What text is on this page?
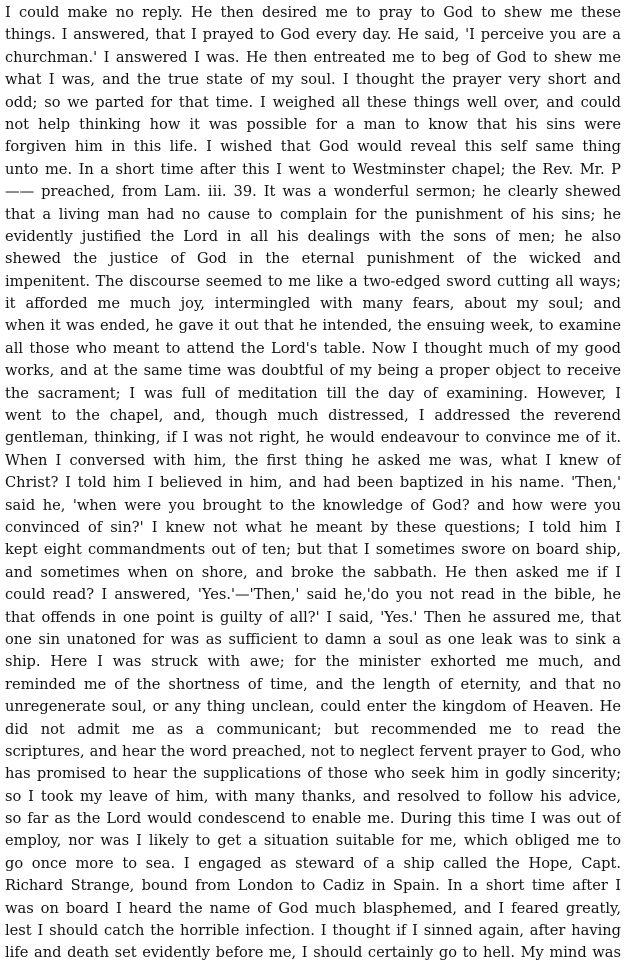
I could make no reply. He then desired me to pray to God to shew me these
things. I answered, that I prayed to God every day. He said, 'I perceive you are a
churchman.' I answered I was. He then entreated me to beg of God to shew me
what I was, and the true state of my soul. I thought the prayer very short and
odd; so we parted for that time. I weighed all these things well over, and could
not help thinking how it was possible for a man to know that his sins were
forgiven him in this life. I wished that God would reveal this self same thing
unto me. In a short time after this I went to Westminster chapel; the Rev. Mr. P
—— preached, from Lam. iii. 39. It was a wonderful sermon; he clearly shewed
that a living man had no cause to complain for the punishment of his sins; he
evidently justified the Lord in all his dealings with the sons of men; he also
shewed the justice of God in the eternal punishment of the wicked and
impenitent. The discourse seemed to me like a two-edged sword cutting all ways;
it afforded me much joy, intermingled with many fears, about my soul; and
when it was ended, he gave it out that he intended, the ensuing week, to examine
all those who meant to attend the Lord's table. Now I thought much of my good
works, and at the same time was doubtful of my being a proper object to receive
the sacrament; I was full of meditation till the day of examining. However, I
went to the chapel, and, though much distressed, I addressed the reverend
gentleman, thinking, if I was not right, he would endeavour to convince me of it.
When I conversed with him, the first thing he asked me was, what I knew of
Christ? I told him I believed in him, and had been baptized in his name. 'Then,'
said he, 'when were you brought to the knowledge of God? and how were you
convinced of sin?' I knew not what he meant by these questions; I told him I
kept eight commandments out of ten; but that I sometimes swore on board ship,
and sometimes when on shore, and broke the sabbath. He then asked me if I
could read? I answered, 'Yes.'—'Then,' said he,'do you not read in the bible, he
that offends in one point is guilty of all?' I said, 'Yes.' Then he assured me, that
one sin unatoned for was as sufficient to damn a soul as one leak was to sink a
ship. Here I was struck with awe; for the minister exhorted me much, and
reminded me of the shortness of time, and the length of eternity, and that no
unregenerate soul, or any thing unclean, could enter the kingdom of Heaven. He
did not admit me as a communicant; but recommended me to read the
scriptures, and hear the word preached, not to neglect fervent prayer to God, who
has promised to hear the supplications of those who seek him in godly sincerity;
so I took my leave of him, with many thanks, and resolved to follow his advice,
so far as the Lord would condescend to enable me. During this time I was out of
employ, nor was I likely to get a situation suitable for me, which obliged me to
go once more to sea. I engaged as steward of a ship called the Hope, Capt.
Richard Strange, bound from London to Cadiz in Spain. In a short time after I
was on board I heard the name of God much blasphemed, and I feared greatly,
lest I should catch the horrible infection. I thought if I sinned again, after having
life and death set evidently before me, I should certainly go to hell. My mind was
